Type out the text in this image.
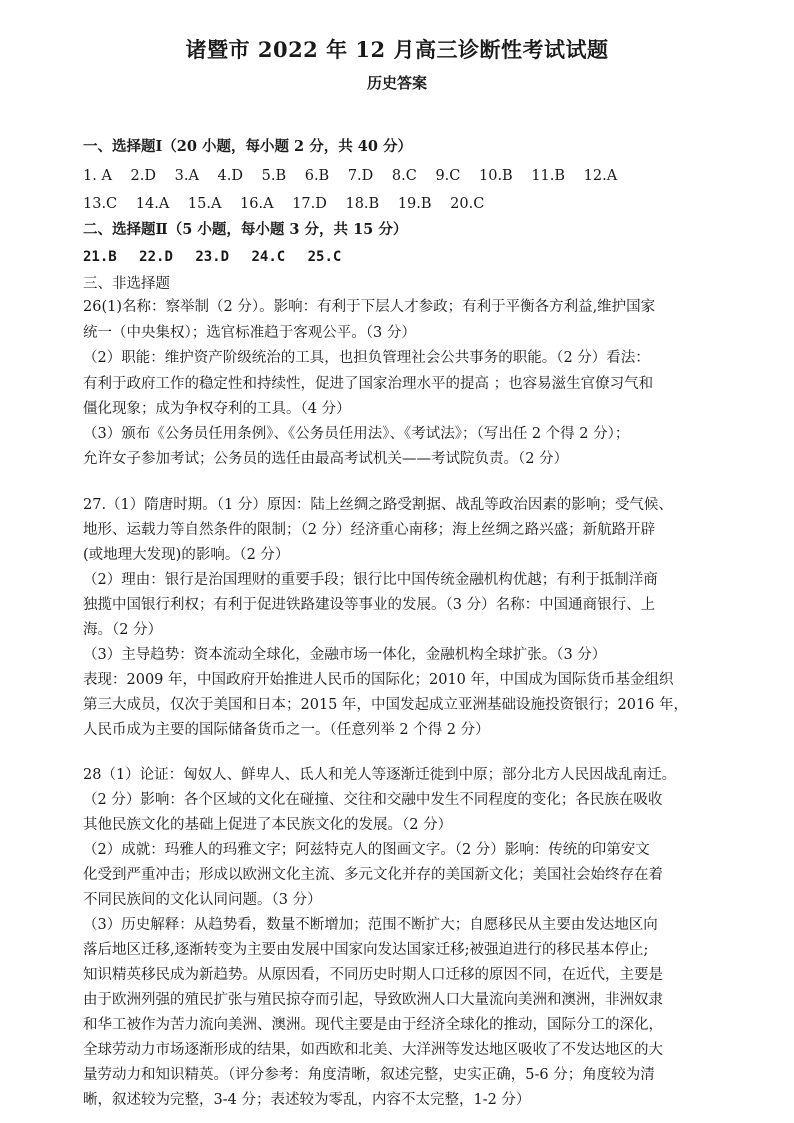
诸暨市 2022 年 12 月高三诊断性考试试题
历史答案
一、选择题Ⅰ（20 小题，每小题 2 分，共 40 分）
1. A 2.D 3.A 4.D 5.B 6.B 7.D 8.C 9.C 10.B 11.B 12.A
13.C 14.A 15.A 16.A 17.D 18.B 19.B 20.C
二、选择题Ⅱ（5 小题，每小题 3 分，共 15 分）
21.B 22.D 23.D 24.C 25.C
三、非选择题
26(1)名称：察举制（2 分）。影响：有利于下层人才参政；有利于平衡各方利益,维护国家
统一（中央集权）；选官标准趋于客观公平。（3 分）
（2）职能：维护资产阶级统治的工具，也担负管理社会公共事务的职能。（2 分）看法：
有利于政府工作的稳定性和持续性，促进了国家治理水平的提高 ；也容易滋生官僚习气和
僵化现象；成为争权夺利的工具。（4 分）
（3）颁布《公务员任用条例》、《公务员任用法》、《考试法》；（写出任 2 个得 2 分）；
允许女子参加考试；公务员的选任由最高考试机关——考试院负责。（2 分）
27.（1）隋唐时期。（1 分）原因：陆上丝绸之路受割据、战乱等政治因素的影响；受气候、
地形、运载力等自然条件的限制；（2 分）经济重心南移；海上丝绸之路兴盛；新航路开辟
(或地理大发现)的影响。（2 分）
（2）理由：银行是治国理财的重要手段；银行比中国传统金融机构优越；有利于抵制洋商
独揽中国银行利权；有利于促进铁路建设等事业的发展。（3 分）名称：中国通商银行、上
海。（2 分）
（3）主导趋势：资本流动全球化，金融市场一体化，金融机构全球扩张。（3 分）
表现：2009 年，中国政府开始推进人民币的国际化；2010 年，中国成为国际货币基金组织
第三大成员，仅次于美国和日本；2015 年，中国发起成立亚洲基础设施投资银行；2016 年，
人民币成为主要的国际储备货币之一。（任意列举 2 个得 2 分）
28（1）论证：匈奴人、鲜卑人、氐人和羌人等逐渐迁徙到中原；部分北方人民因战乱南迁。
（2 分）影响：各个区域的文化在碰撞、交往和交融中发生不同程度的变化；各民族在吸收
其他民族文化的基础上促进了本民族文化的发展。（2 分）
（2）成就：玛雅人的玛雅文字；阿兹特克人的图画文字。（2 分）影响：传统的印第安文
化受到严重冲击；形成以欧洲文化主流、多元文化并存的美国新文化；美国社会始终存在着
不同民族间的文化认同问题。（3 分）
（3）历史解释：从趋势看，数量不断增加；范围不断扩大；自愿移民从主要由发达地区向
落后地区迁移,逐渐转变为主要由发展中国家向发达国家迁移;被强迫进行的移民基本停止;
知识精英移民成为新趋势。从原因看，不同历史时期人口迁移的原因不同，在近代，主要是
由于欧洲列强的殖民扩张与殖民掠夺而引起，导致欧洲人口大量流向美洲和澳洲，非洲奴隶
和华工被作为苦力流向美洲、澳洲。现代主要是由于经济全球化的推动，国际分工的深化，
全球劳动力市场逐渐形成的结果，如西欧和北美、大洋洲等发达地区吸收了不发达地区的大
量劳动力和知识精英。（评分参考：角度清晰，叙述完整，史实正确，5-6 分；角度较为清
晰，叙述较为完整，3-4 分；表述较为零乱，内容不太完整，1-2 分）
